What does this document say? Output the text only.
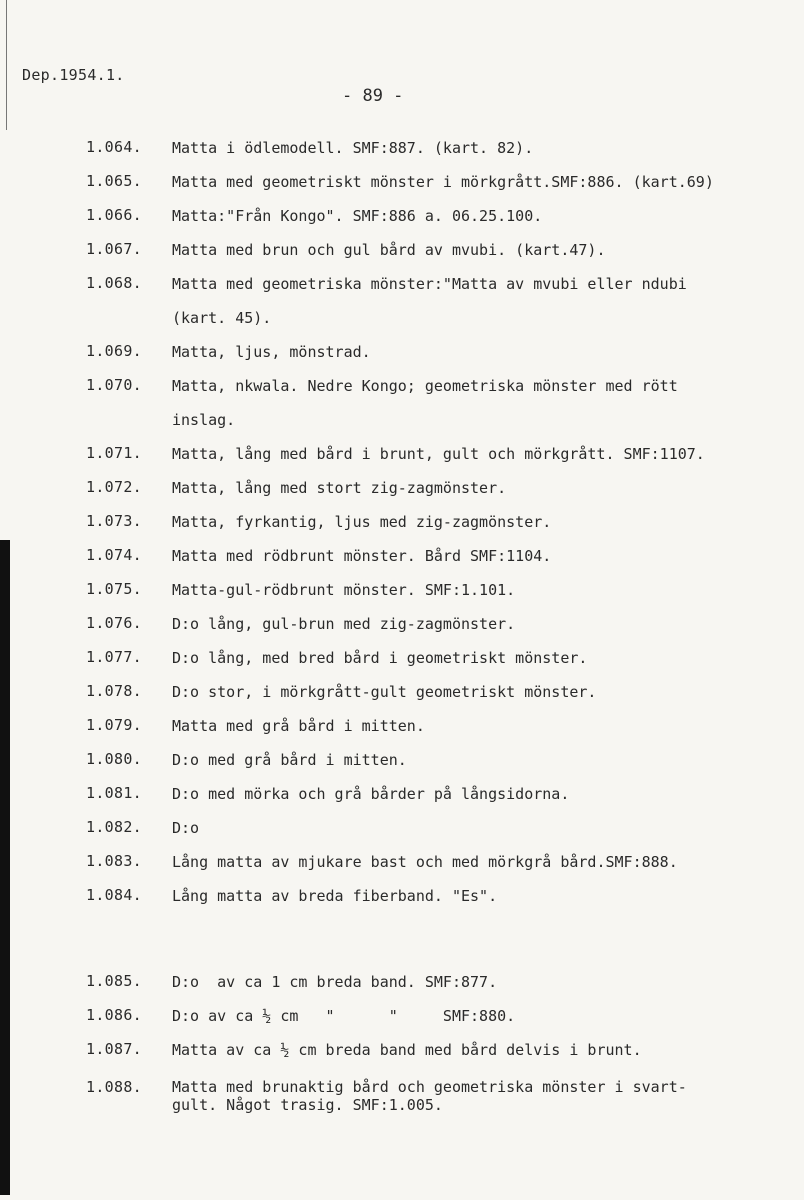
Dep.1954.1.
- 89 -
1.064.	Matta i ödlemodell. SMF:887. (kart. 82).
1.065.	Matta med geometriskt mönster i mörkgrått.SMF:886. (kart.69)
1.066.	Matta:"Från Kongo". SMF:886 a. 06.25.100.
1.067.	Matta med brun och gul bård av mvubi. (kart.47).
1.068.	Matta med geometriska mönster:"Matta av mvubi eller ndubi
(kart. 45).
1.069.	Matta, ljus, mönstrad.
1.070.	Matta, nkwala. Nedre Kongo; geometriska mönster med rött
inslag.
1.071.	Matta, lång med bård i brunt, gult och mörkgrått. SMF:1107.
1.072.	Matta, lång med stort zig-zagmönster.
1.073.	Matta, fyrkantig, ljus med zig-zagmönster.
1.074.	Matta med rödbrunt mönster. Bård SMF:1104.
1.075.	Matta-gul-rödbrunt mönster. SMF:1.101.
1.076.	D:o lång, gul-brun med zig-zagmönster.
1.077.	D:o lång, med bred bård i geometriskt mönster.
1.078.	D:o stor, i mörkgrått-gult geometriskt mönster.
1.079.	Matta med grå bård i mitten.
1.080.	D:o med grå bård i mitten.
1.081.	D:o med mörka och grå bårder på långsidorna.
1.082.	D:o
1.083.	Lång matta av mjukare bast och med mörkgrå bård.SMF:888.
1.084.	Lång matta av breda fiberband. "Es".
1.085.	D:o  av ca 1 cm breda band. SMF:877.
1.086.	D:o av ca ½ cm   "      "     SMF:880.
1.087.	Matta av ca ½ cm breda band med bård delvis i brunt.
1.088.	Matta med brunaktig bård och geometriska mönster i svart-
gult. Något trasig. SMF:1.005.
